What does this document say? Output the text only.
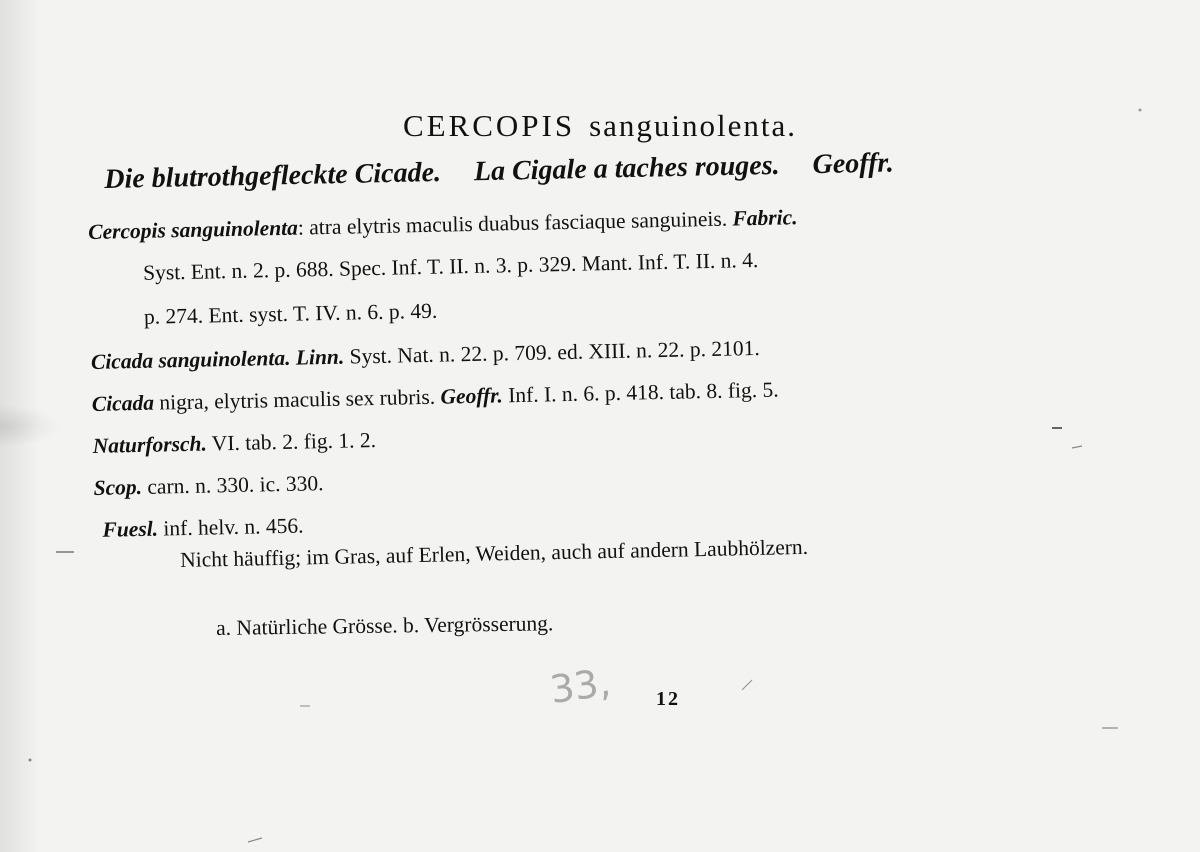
CERCOPIS sanguinolenta.
Die blutrothgefleckte Cicade. La Cigale a taches rouges. Geoffr.
Cercopis sanguinolenta: atra elytris maculis duabus fasciaque sanguineis. Fabric.
Syst. Ent. n. 2. p. 688. Spec. Inf. T. II. n. 3. p. 329. Mant. Inf. T. II. n. 4.
p. 274. Ent. syst. T. IV. n. 6. p. 49.
Cicada sanguinolenta. Linn. Syst. Nat. n. 22. p. 709. ed. XIII. n. 22. p. 2101.
Cicada nigra, elytris maculis sex rubris. Geoffr. Inf. I. n. 6. p. 418. tab. 8. fig. 5.
Naturforsch. VI. tab. 2. fig. 1. 2.
Scop. carn. n. 330. ic. 330.
Fuesl. inf. helv. n. 456.
Nicht häuffig; im Gras, auf Erlen, Weiden, auch auf andern Laubhölzern.
a. Natürliche Grösse. b. Vergrösserung.
33, 12
